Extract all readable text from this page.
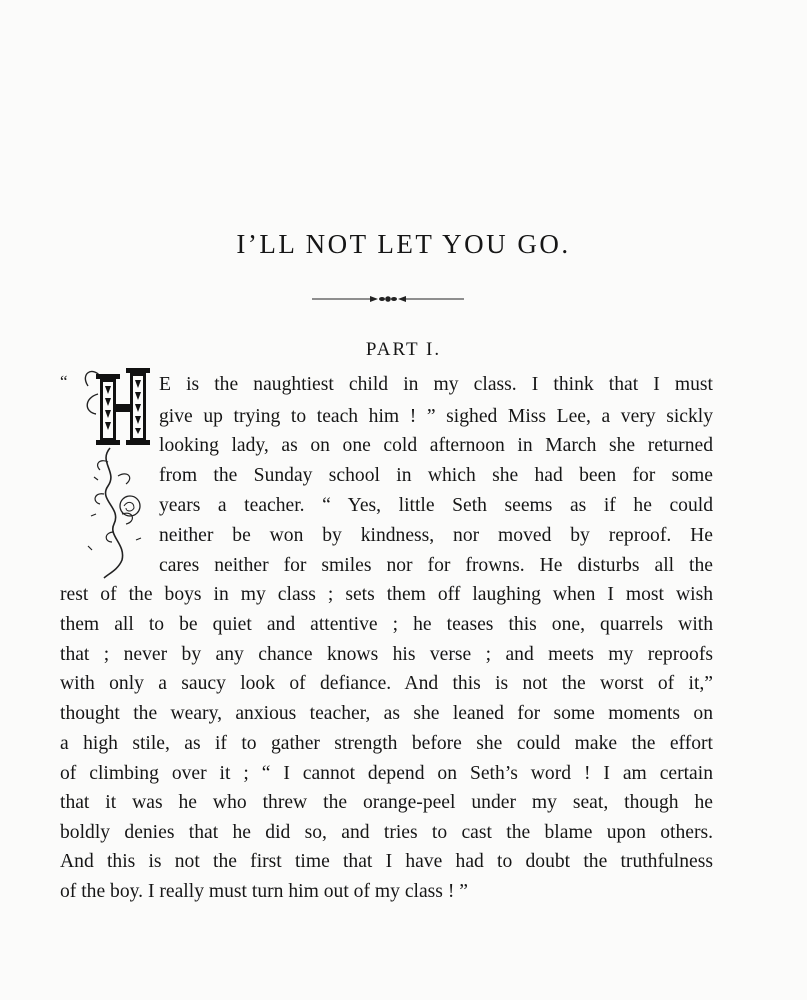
I’LL NOT LET YOU GO.
PART I.
“	E is the naughtiest child in my class. I think that I must

give up trying to teach him ! ” sighed Miss Lee, a very sickly

looking lady, as on one cold afternoon in March she returned

from the Sunday school in which she had been for some

years a teacher. “ Yes, little Seth seems as if he could

neither be won by kindness, nor moved by reproof. He

cares neither for smiles nor for frowns. He disturbs all the

rest of the boys in my class ; sets them off laughing when I most wish

them all to be quiet and attentive ; he teases this one, quarrels with

that ; never by any chance knows his verse ; and meets my reproofs

with only a saucy look of defiance. And this is not the worst of it,”

thought the weary, anxious teacher, as she leaned for some moments on

a high stile, as if to gather strength before she could make the effort

of climbing over it ; “ I cannot depend on Seth’s word ! I am certain

that it was he who threw the orange-peel under my seat, though he

boldly denies that he did so, and tries to cast the blame upon others.

And this is not the first time that I have had to doubt the truthfulness

of the boy. I really must turn him out of my class ! ”
